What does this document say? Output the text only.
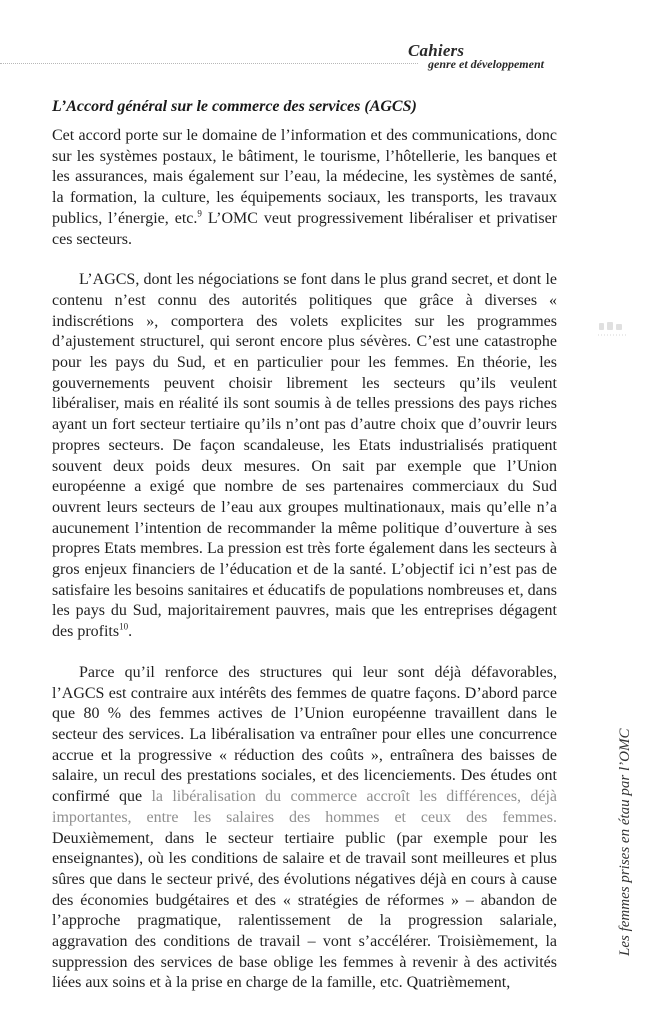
Cahiers
genre et développement
L’Accord général sur le commerce des services (AGCS)

Cet accord porte sur le domaine de l’information et des communications, donc sur les systèmes postaux, le bâtiment, le tourisme, l’hôtellerie, les banques et les assurances, mais également sur l’eau, la médecine, les systèmes de santé, la formation, la culture, les équipements sociaux, les transports, les travaux publics, l’énergie, etc.$^9$ L’OMC veut progressivement libéraliser et privatiser ces secteurs.

L’AGCS, dont les négociations se font dans le plus grand secret, et dont le contenu n’est connu des autorités politiques que grâce à diverses « indiscrétions », comportera des volets explicites sur les programmes d’ajustement structurel, qui seront encore plus sévères. C’est une catastrophe pour les pays du Sud, et en particulier pour les femmes. En théorie, les gouvernements peuvent choisir librement les secteurs qu’ils veulent libéraliser, mais en réalité ils sont soumis à de telles pressions des pays riches ayant un fort secteur tertiaire qu’ils n’ont pas d’autre choix que d’ouvrir leurs propres secteurs. De façon scandaleuse, les Etats industrialisés pratiquent souvent deux poids deux mesures. On sait par exemple que l’Union européenne a exigé que nombre de ses partenaires commerciaux du Sud ouvrent leurs secteurs de l’eau aux groupes multinationaux, mais qu’elle n’a aucunement l’intention de recommander la même politique d’ouverture à ses propres Etats membres. La pression est très forte également dans les secteurs à gros enjeux financiers de l’éducation et de la santé. L’objectif ici n’est pas de satisfaire les besoins sanitaires et éducatifs de populations nombreuses et, dans les pays du Sud, majoritairement pauvres, mais que les entreprises dégagent des profits$^{10}$.

Parce qu’il renforce des structures qui leur sont déjà défavorables, l’AGCS est contraire aux intérêts des femmes de quatre façons. D’abord parce que 80 % des femmes actives de l’Union européenne travaillent dans le secteur des services. La libéralisation va entraîner pour elles une concurrence accrue et la progressive « réduction des coûts », entraînera des baisses de salaire, un recul des prestations sociales, et des licenciements. Des études ont confirmé que la libéralisation du commerce accroît les différences, déjà importantes, entre les salaires des hommes et ceux des femmes. Deuxièmement, dans le secteur tertiaire public (par exemple pour les enseignantes), où les conditions de salaire et de travail sont meilleures et plus sûres que dans le secteur privé, des évolutions négatives déjà en cours à cause des économies budgétaires et des « stratégies de réformes » – abandon de l’approche pragmatique, ralentissement de la progression salariale, aggravation des conditions de travail – vont s’accélérer. Troisièmement, la suppression des services de base oblige les femmes à revenir à des activités liées aux soins et à la prise en charge de la famille, etc. Quatrièmement,

Les femmes prises en étau par l’OMC
